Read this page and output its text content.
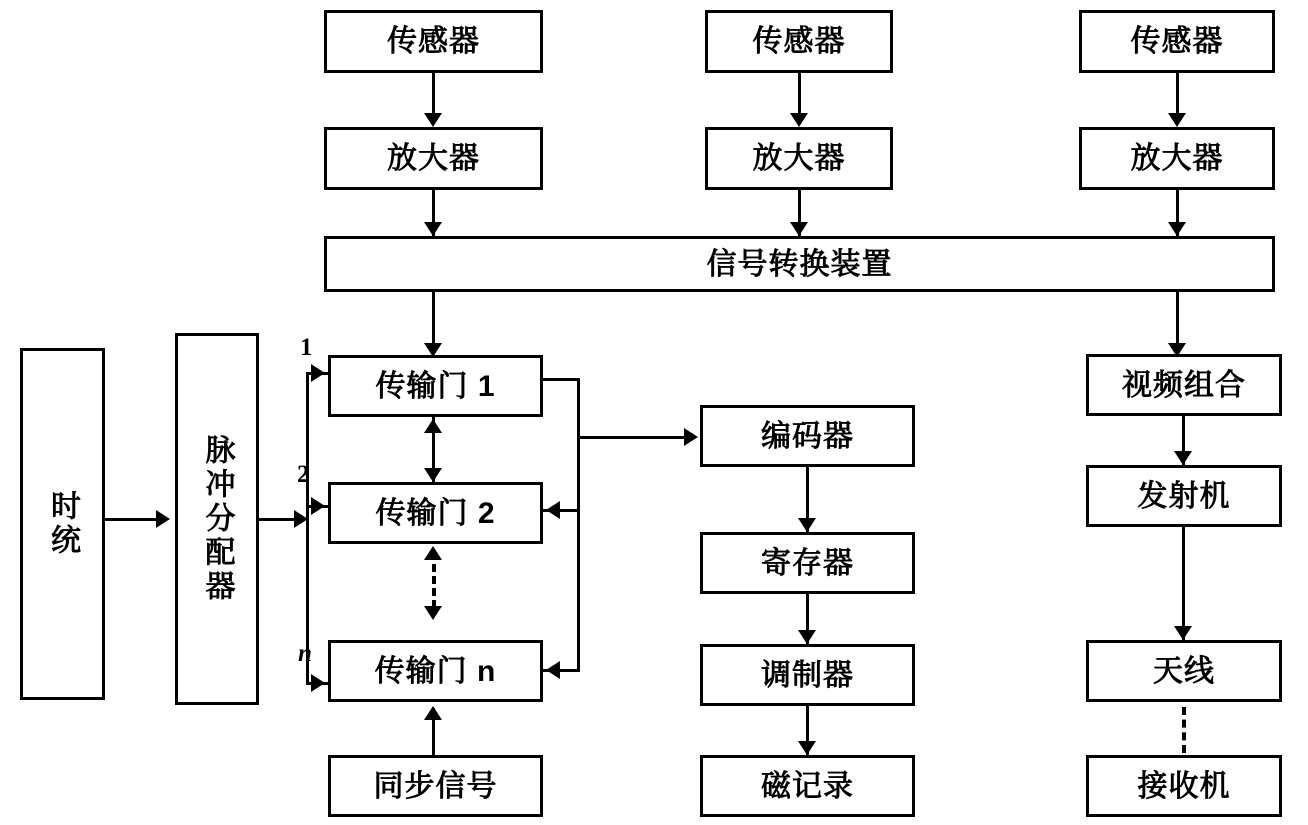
传感器	传感器	传感器
放大器	放大器	放大器
信号转换装置
时统	脉冲分配器
1
2
n
传输门 1
传输门 2
传输门 n
同步信号
编码器
寄存器
调制器
磁记录
视频组合
发射机
天线
接收机
